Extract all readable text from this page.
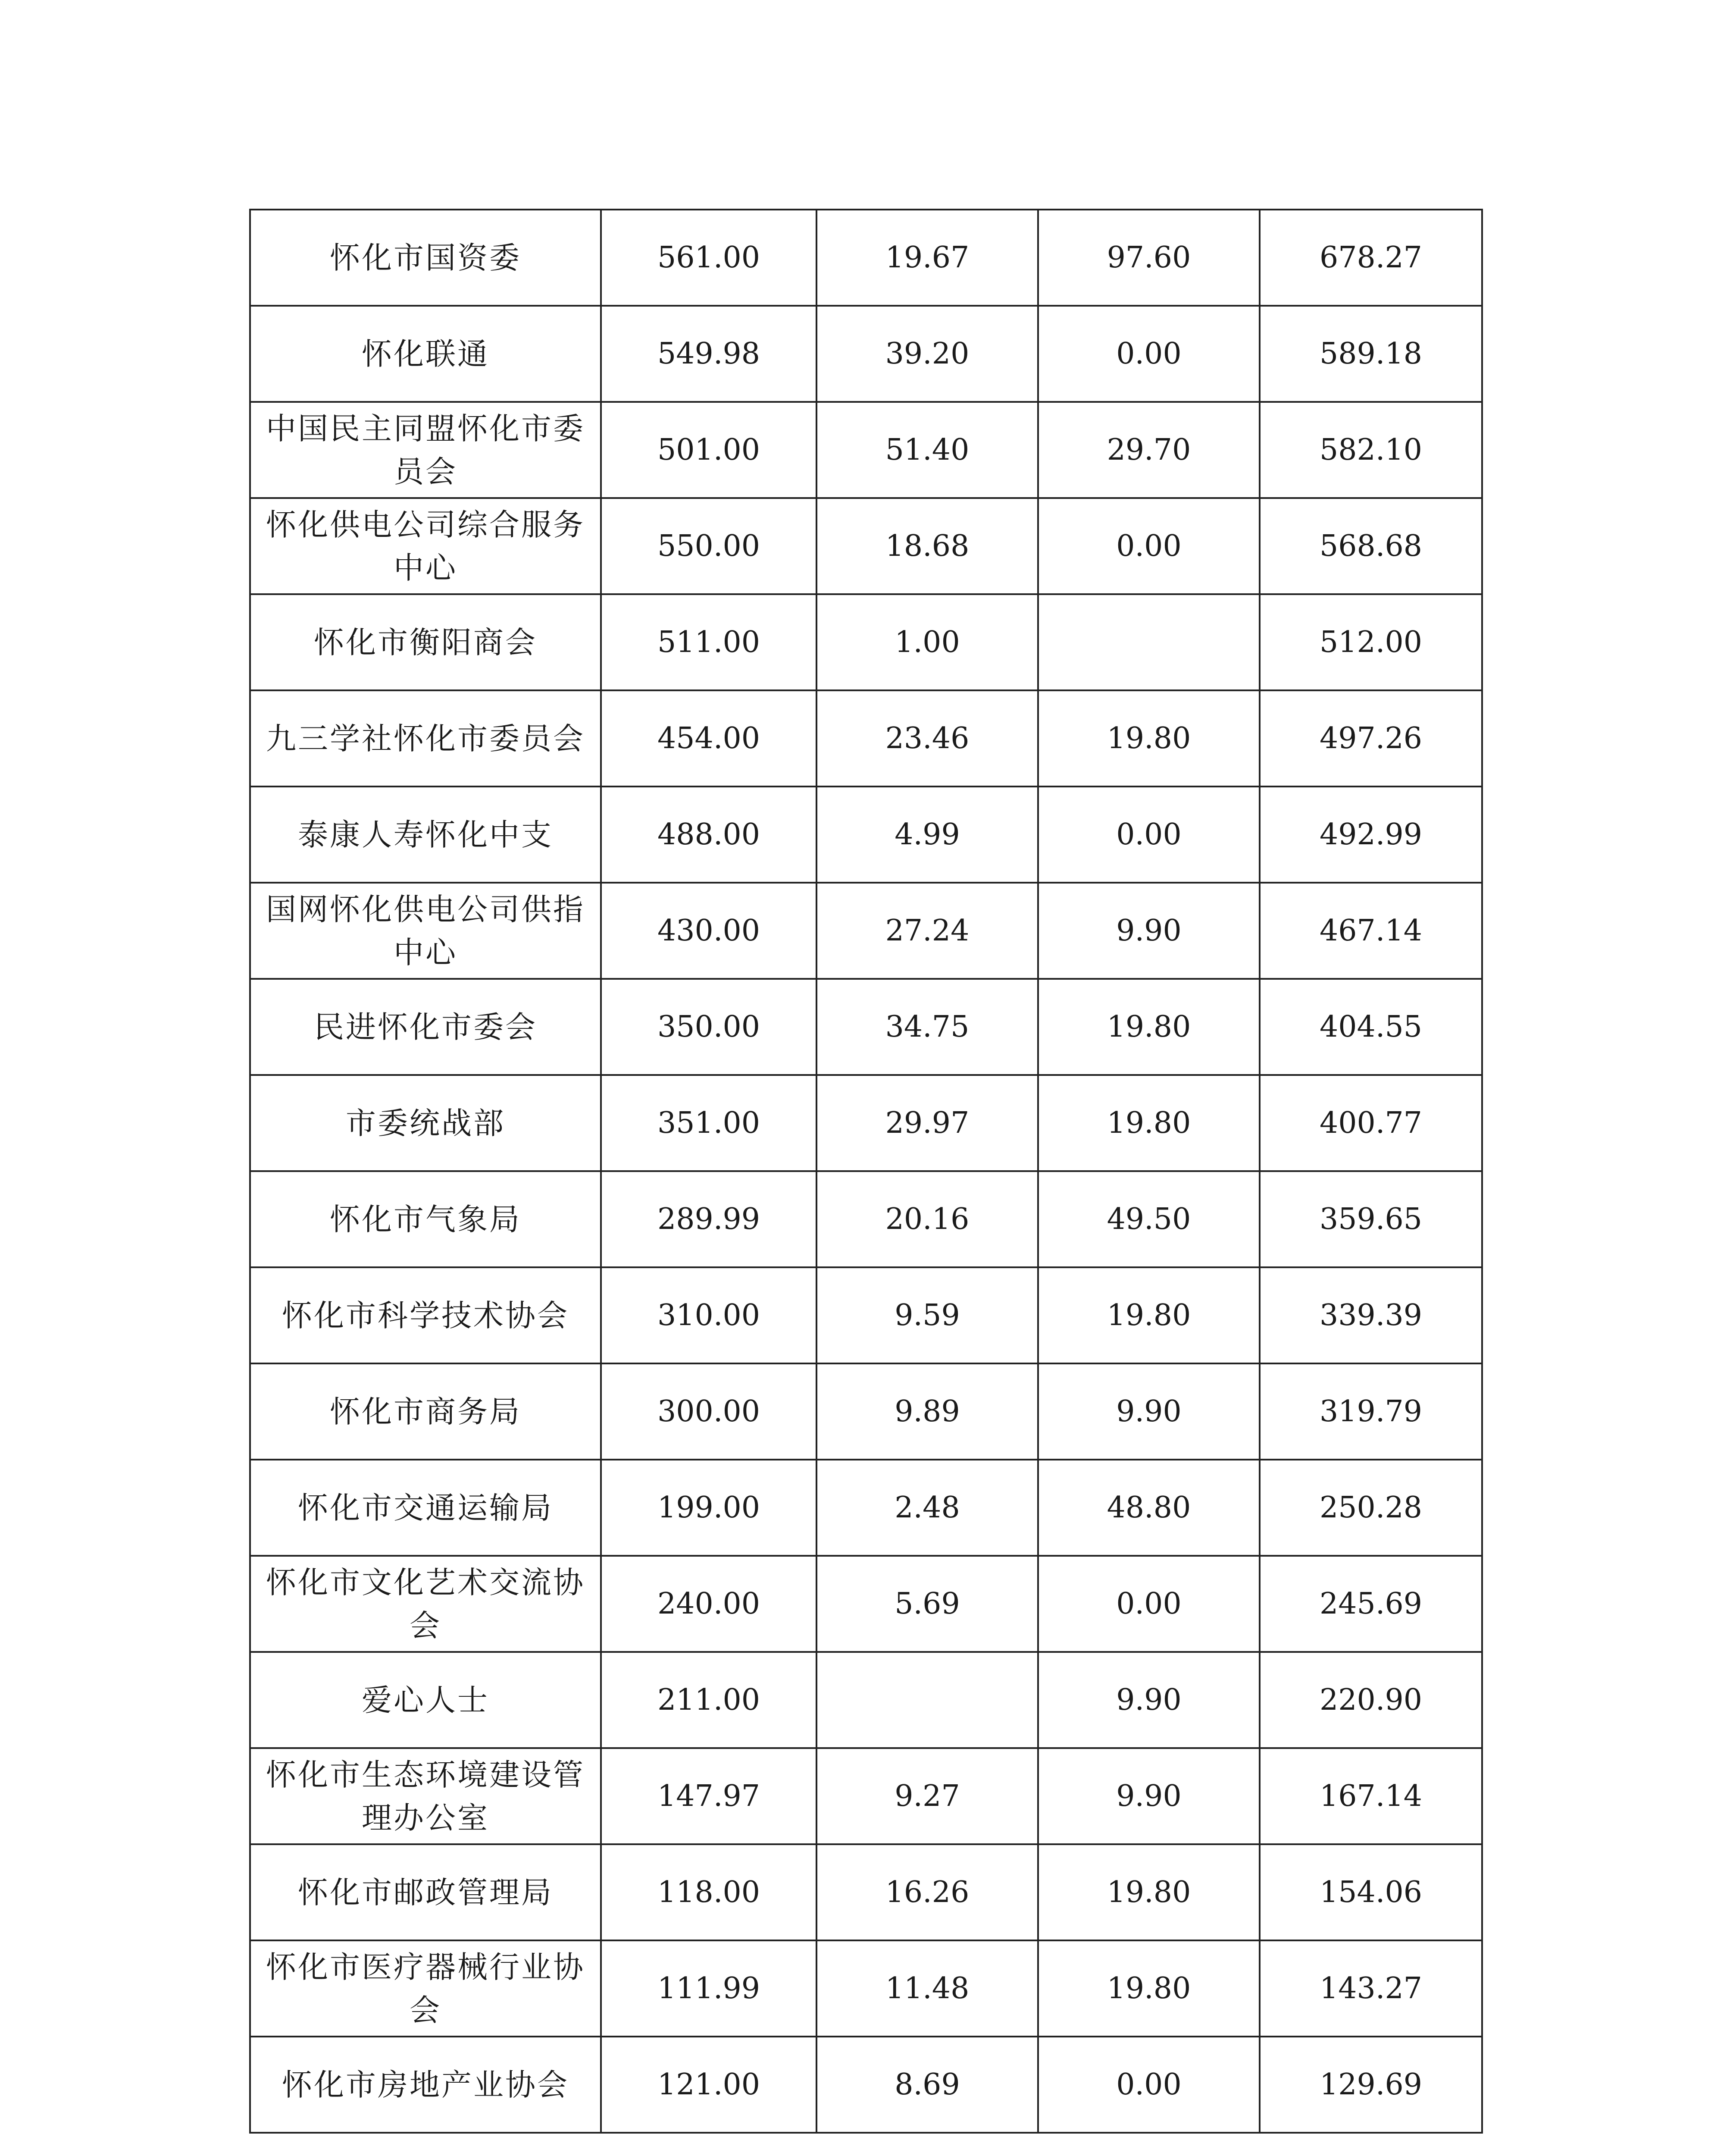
怀化市国资委	561.00	19.67	97.60	678.27
怀化联通	549.98	39.20	0.00	589.18
中国民主同盟怀化市委员会	501.00	51.40	29.70	582.10
怀化供电公司综合服务中心	550.00	18.68	0.00	568.68
怀化市衡阳商会	511.00	1.00		512.00
九三学社怀化市委员会	454.00	23.46	19.80	497.26
泰康人寿怀化中支	488.00	4.99	0.00	492.99
国网怀化供电公司供指中心	430.00	27.24	9.90	467.14
民进怀化市委会	350.00	34.75	19.80	404.55
市委统战部	351.00	29.97	19.80	400.77
怀化市气象局	289.99	20.16	49.50	359.65
怀化市科学技术协会	310.00	9.59	19.80	339.39
怀化市商务局	300.00	9.89	9.90	319.79
怀化市交通运输局	199.00	2.48	48.80	250.28
怀化市文化艺术交流协会	240.00	5.69	0.00	245.69
爱心人士	211.00		9.90	220.90
怀化市生态环境建设管理办公室	147.97	9.27	9.90	167.14
怀化市邮政管理局	118.00	16.26	19.80	154.06
怀化市医疗器械行业协会	111.99	11.48	19.80	143.27
怀化市房地产业协会	121.00	8.69	0.00	129.69
